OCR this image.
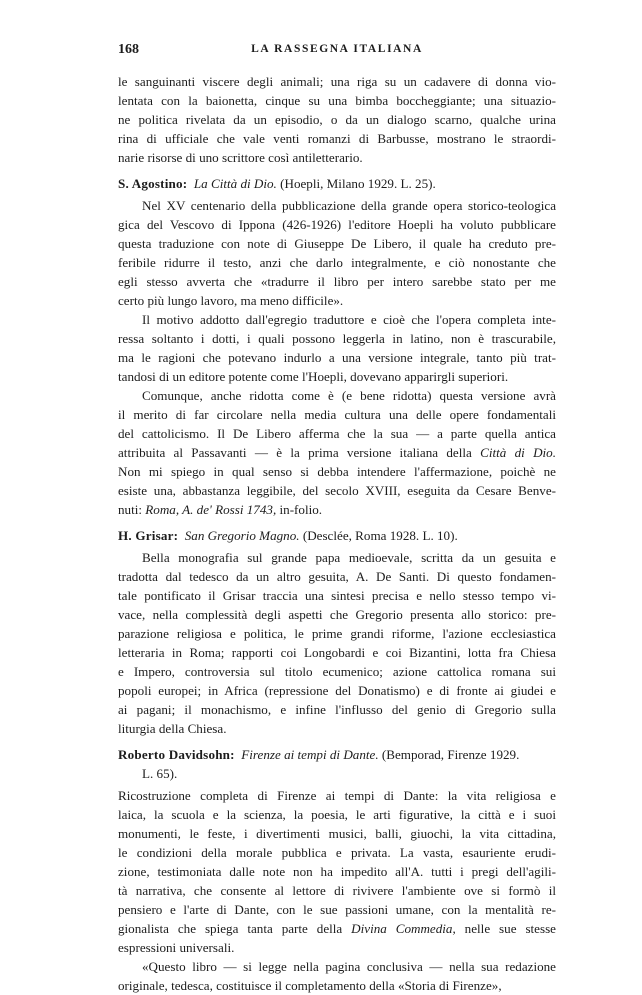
168	LA RASSEGNA ITALIANA
le sanguinanti viscere degli animali; una riga su un cadavere di donna vio-
lentata con la baionetta, cinque su una bimba boccheggiante; una situazio-
ne politica rivelata da un episodio, o da un dialogo scarno, qualche urina
rina di ufficiale che vale venti romanzi di Barbusse, mostrano le straordi-
narie risorse di uno scrittore così antiletterario.
S. Agostino: La Città di Dio. (Hoepli, Milano 1929. L. 25).
Nel XV centenario della pubblicazione della grande opera storico-teologica
gica del Vescovo di Ippona (426-1926) l'editore Hoepli ha voluto pubblicare
questa traduzione con note di Giuseppe De Libero, il quale ha creduto pre-
feribile ridurre il testo, anzi che darlo integralmente, e ciò nonostante che
egli stesso avverta che «tradurre il libro per intero sarebbe stato per me
certo più lungo lavoro, ma meno difficile».
Il motivo addotto dall'egregio traduttore e cioè che l'opera completa inte-
ressa soltanto i dotti, i quali possono leggerla in latino, non è trascurabile,
ma le ragioni che potevano indurlo a una versione integrale, tanto più trat-
tandosi di un editore potente come l'Hoepli, dovevano apparirgli superiori.
Comunque, anche ridotta come è (e bene ridotta) questa versione avrà
il merito di far circolare nella media cultura una delle opere fondamentali
del cattolicismo. Il De Libero afferma che la sua — a parte quella antica
attribuita al Passavanti — è la prima versione italiana della Città di Dio.
Non mi spiego in qual senso si debba intendere l'affermazione, poichè ne
esiste una, abbastanza leggibile, del secolo XVIII, eseguita da Cesare Benve-
nuti: Roma, A. de' Rossi 1743, in-folio.
H. Grisar: San Gregorio Magno. (Desclée, Roma 1928. L. 10).
Bella monografia sul grande papa medioevale, scritta da un gesuita e
tradotta dal tedesco da un altro gesuita, A. De Santi. Di questo fondamen-
tale pontificato il Grisar traccia una sintesi precisa e nello stesso tempo vi-
vace, nella complessità degli aspetti che Gregorio presenta allo storico: pre-
parazione religiosa e politica, le prime grandi riforme, l'azione ecclesiastica
letteraria in Roma; rapporti coi Longobardi e coi Bizantini, lotta fra Chiesa
e Impero, controversia sul titolo ecumenico; azione cattolica romana sui
popoli europei; in Africa (repressione del Donatismo) e di fronte ai giudei e
ai pagani; il monachismo, e infine l'influsso del genio di Gregorio sulla
liturgia della Chiesa.
Roberto Davidsohn: Firenze ai tempi di Dante. (Bemporad, Firenze 1929.
L. 65).
Ricostruzione completa di Firenze ai tempi di Dante: la vita religiosa e
laica, la scuola e la scienza, la poesia, le arti figurative, la città e i suoi
monumenti, le feste, i divertimenti musici, balli, giuochi, la vita cittadina,
le condizioni della morale pubblica e privata. La vasta, esauriente erudi-
zione, testimoniata dalle note non ha impedito all'A. tutti i pregi dell'agili-
tà narrativa, che consente al lettore di rivivere l'ambiente ove si formò il
pensiero e l'arte di Dante, con le sue passioni umane, con la mentalità re-
gionalista che spiega tanta parte della Divina Commedia, nelle sue stesse
espressioni universali.
«Questo libro — si legge nella pagina conclusiva — nella sua redazione
originale, tedesca, costituisce il completamento della «Storia di Firenze»,
